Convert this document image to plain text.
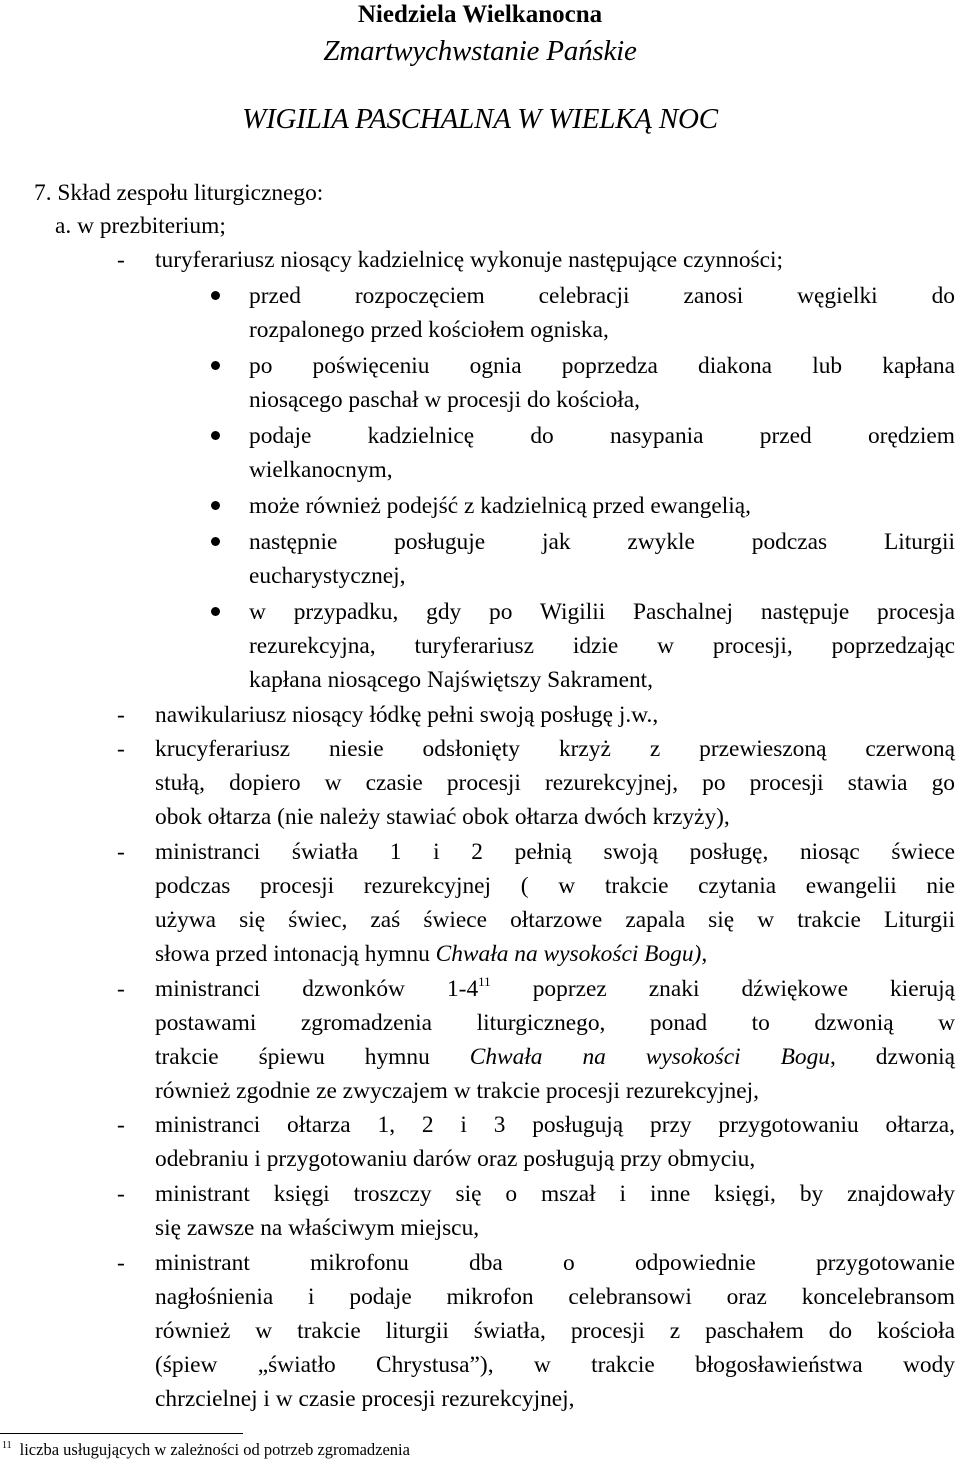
Niedziela Wielkanocna
Zmartwychwstanie Pańskie
WIGILIA PASCHALNA W WIELKĄ NOC
7. Skład zespołu liturgicznego:
a. w prezbiterium;
- turyferariusz niosący kadzielnicę wykonuje następujące czynności;
przed rozpoczęciem celebracji zanosi węgielki do
rozpalonego przed kościołem ogniska,
po poświęceniu ognia poprzedza diakona lub kapłana
niosącego paschał w procesji do kościoła,
podaje kadzielnicę do nasypania przed orędziem
wielkanocnym,
może również podejść z kadzielnicą przed ewangelią,
następnie posługuje jak zwykle podczas Liturgii
eucharystycznej,
w przypadku, gdy po Wigilii Paschalnej następuje procesja
rezurekcyjna, turyferariusz idzie w procesji, poprzedzając
kapłana niosącego Najświętszy Sakrament,
- nawikulariusz niosący łódkę pełni swoją posługę j.w.,
- krucyferariusz niesie odsłonięty krzyż z przewieszoną czerwoną
stułą, dopiero w czasie procesji rezurekcyjnej, po procesji stawia go
obok ołtarza (nie należy stawiać obok ołtarza dwóch krzyży),
- ministranci światła 1 i 2 pełnią swoją posługę, niosąc świece
podczas procesji rezurekcyjnej ( w trakcie czytania ewangelii nie
używa się świec, zaś świece ołtarzowe zapala się w trakcie Liturgii
słowa przed intonacją hymnu Chwała na wysokości Bogu),
- ministranci dzwonków $1-4^{11}$ poprzez znaki dźwiękowe kierują
postawami zgromadzenia liturgicznego, ponad to dzwonią w
trakcie śpiewu hymnu Chwała na wysokości Bogu, dzwonią
również zgodnie ze zwyczajem w trakcie procesji rezurekcyjnej,
- ministranci ołtarza 1, 2 i 3 posługują przy przygotowaniu ołtarza,
odebraniu i przygotowaniu darów oraz posługują przy obmyciu,
- ministrant księgi troszczy się o mszał i inne księgi, by znajdowały
się zawsze na właściwym miejscu,
- ministrant mikrofonu dba o odpowiednie przygotowanie
nagłośnienia i podaje mikrofon celebransowi oraz koncelebransom
również w trakcie liturgii światła, procesji z paschałem do kościoła
(śpiew „światło Chrystusa”), w trakcie błogosławieństwa wody
chrzcielnej i w czasie procesji rezurekcyjnej,
$^{11}$ liczba usługujących w zależności od potrzeb zgromadzenia
